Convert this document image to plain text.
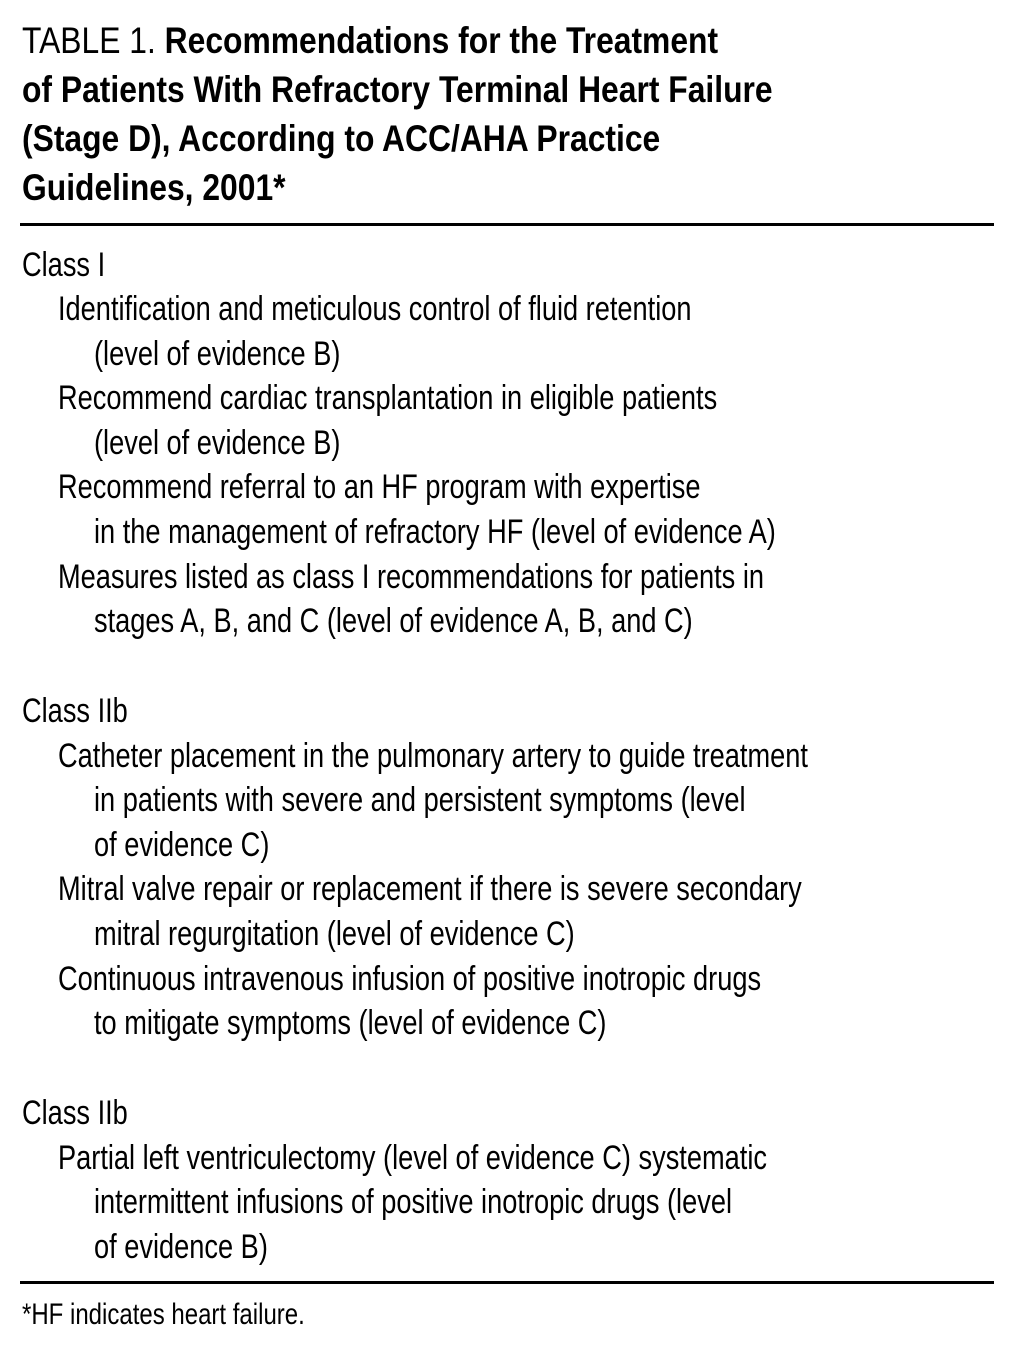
TABLE 1. Recommendations for the Treatment
of Patients With Refractory Terminal Heart Failure
(Stage D), According to ACC/AHA Practice
Guidelines, 2001*
Class I
Identification and meticulous control of fluid retention
(level of evidence B)
Recommend cardiac transplantation in eligible patients
(level of evidence B)
Recommend referral to an HF program with expertise
in the management of refractory HF (level of evidence A)
Measures listed as class I recommendations for patients in
stages A, B, and C (level of evidence A, B, and C)
Class IIb
Catheter placement in the pulmonary artery to guide treatment
in patients with severe and persistent symptoms (level
of evidence C)
Mitral valve repair or replacement if there is severe secondary
mitral regurgitation (level of evidence C)
Continuous intravenous infusion of positive inotropic drugs
to mitigate symptoms (level of evidence C)
Class IIb
Partial left ventriculectomy (level of evidence C) systematic
intermittent infusions of positive inotropic drugs (level
of evidence B)
*HF indicates heart failure.
